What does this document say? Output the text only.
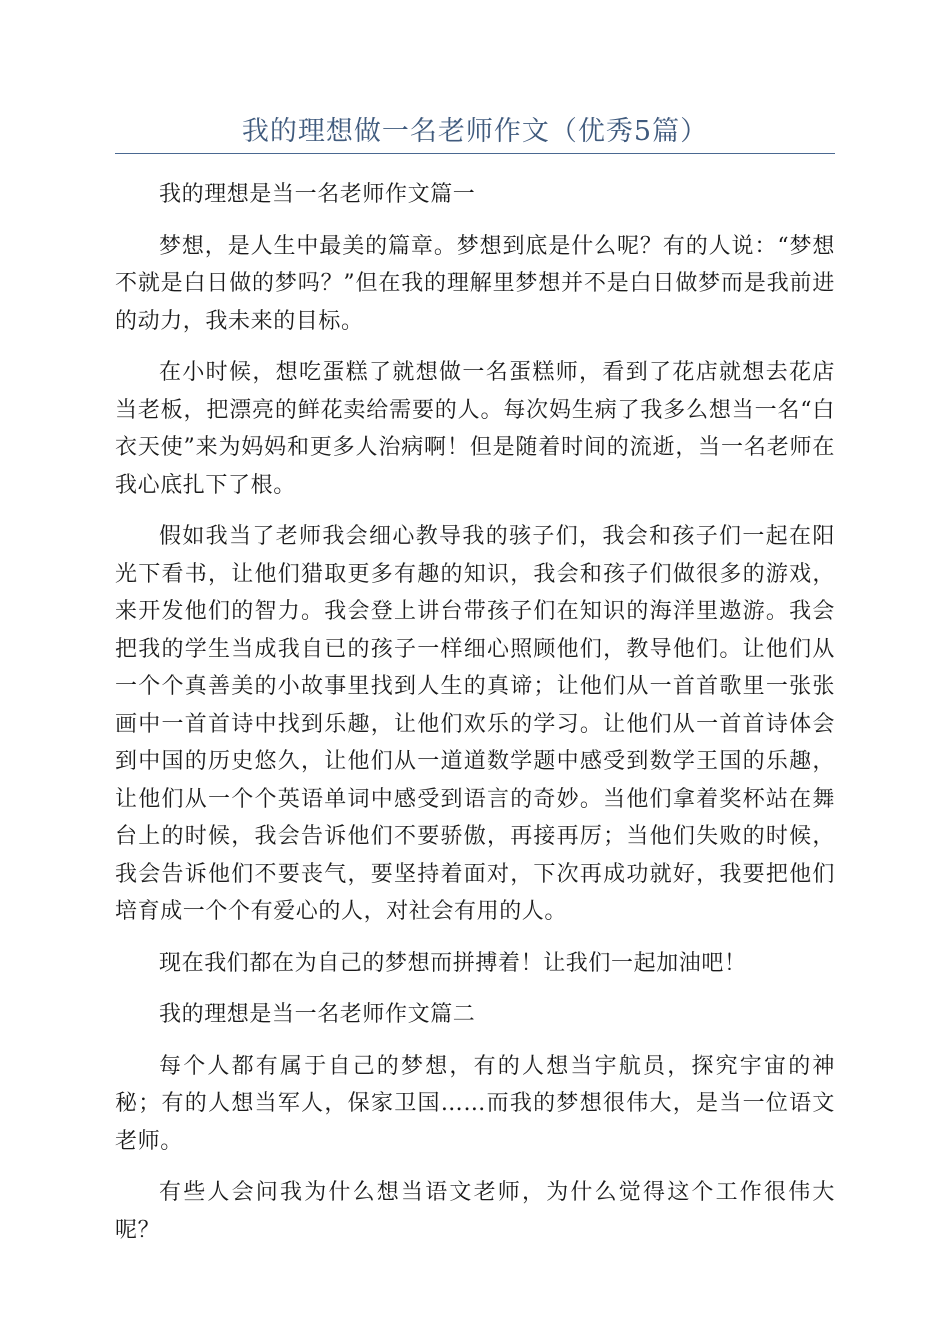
我的理想做一名老师作文（优秀5篇）

我的理想是当一名老师作文篇一

梦想，是人生中最美的篇章。梦想到底是什么呢？有的人说：“梦想不就是白日做的梦吗？”但在我的理解里梦想并不是白日做梦而是我前进的动力，我未来的目标。

在小时候，想吃蛋糕了就想做一名蛋糕师，看到了花店就想去花店当老板，把漂亮的鲜花卖给需要的人。每次妈生病了我多么想当一名“白衣天使”来为妈妈和更多人治病啊！但是随着时间的流逝，当一名老师在我心底扎下了根。

假如我当了老师我会细心教导我的骇子们，我会和孩子们一起在阳光下看书，让他们猎取更多有趣的知识，我会和孩子们做很多的游戏，来开发他们的智力。我会登上讲台带孩子们在知识的海洋里遨游。我会把我的学生当成我自已的孩子一样细心照顾他们，教导他们。让他们从一个个真善美的小故事里找到人生的真谛；让他们从一首首歌里一张张画中一首首诗中找到乐趣，让他们欢乐的学习。让他们从一首首诗体会到中国的历史悠久，让他们从一道道数学题中感受到数学王国的乐趣，让他们从一个个英语单词中感受到语言的奇妙。当他们拿着奖杯站在舞台上的时候，我会告诉他们不要骄傲，再接再厉；当他们失败的时候，我会告诉他们不要丧气，要坚持着面对，下次再成功就好，我要把他们培育成一个个有爱心的人，对社会有用的人。

现在我们都在为自己的梦想而拼搏着！让我们一起加油吧！

我的理想是当一名老师作文篇二

每个人都有属于自己的梦想，有的人想当宇航员，探究宇宙的神秘；有的人想当军人，保家卫国……而我的梦想很伟大，是当一位语文老师。

有些人会问我为什么想当语文老师，为什么觉得这个工作很伟大呢？
